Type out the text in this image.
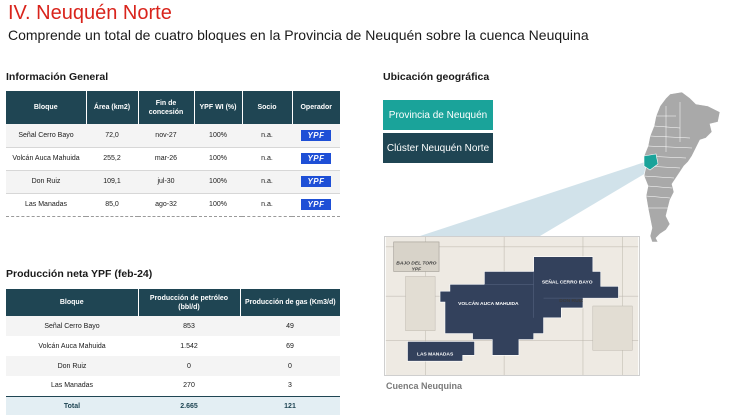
IV. Neuquén Norte
Comprende un total de cuatro bloques en la Provincia de Neuquén sobre la cuenca Neuquina
Información General
Bloque	Área (km2)	Fin de concesión	YPF WI (%)	Socio	Operador
Señal Cerro Bayo	72,0	nov-27	100%	n.a.	YPF
Volcán Auca Mahuida	255,2	mar-26	100%	n.a.	YPF
Don Ruiz	109,1	jul-30	100%	n.a.	YPF
Las Manadas	85,0	ago-32	100%	n.a.	YPF
Producción neta YPF (feb-24)
Bloque	Producción de petróleo (bbl/d)	Producción de gas (Km3/d)
Señal Cerro Bayo	853	49
Volcán Auca Mahuida	1.542	69
Don Ruiz	0	0
Las Manadas	270	3
Total	2.665	121
Ubicación geográfica
Provincia de Neuquén
Clúster Neuquén Norte
BAJO DEL TORO
YPF
SEÑAL CERRO BAYO
VOLCÁN AUCA MAHUIDA
DON RUIZ
LAS MANADAS
Cuenca Neuquina
